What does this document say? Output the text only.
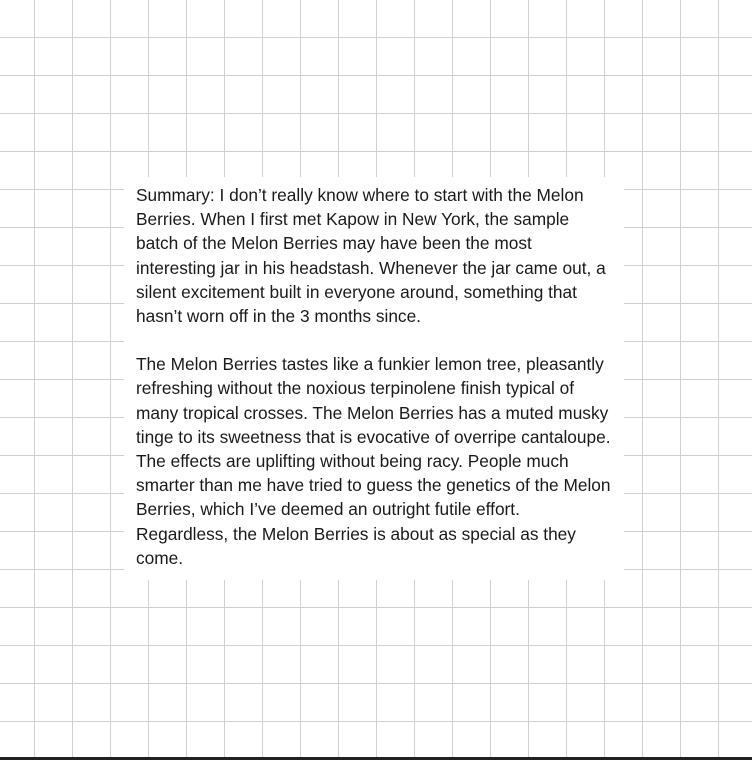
Summary: I don’t really know where to start with the Melon Berries. When I first met Kapow in New York, the sample batch of the Melon Berries may have been the most interesting jar in his headstash. Whenever the jar came out, a silent excitement built in everyone around, something that hasn’t worn off in the 3 months since.

The Melon Berries tastes like a funkier lemon tree, pleasantly refreshing without the noxious terpinolene finish typical of many tropical crosses. The Melon Berries has a muted musky tinge to its sweetness that is evocative of overripe cantaloupe. The effects are uplifting without being racy. People much smarter than me have tried to guess the genetics of the Melon Berries, which I’ve deemed an outright futile effort. Regardless, the Melon Berries is about as special as they come.
